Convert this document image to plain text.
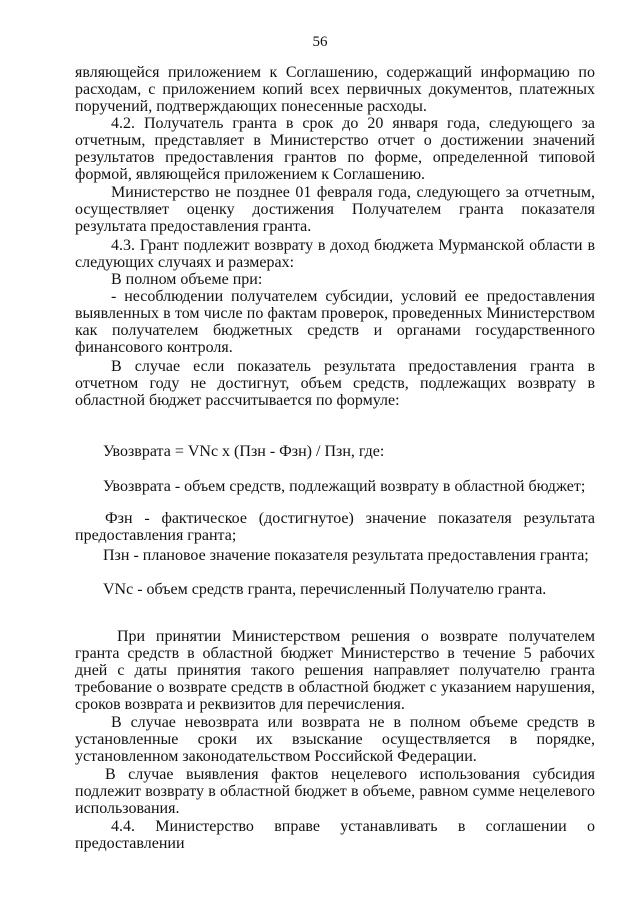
56

являющейся приложением к Соглашению, содержащий информацию по расходам, с приложением копий всех первичных документов, платежных поручений, подтверждающих понесенные расходы.

4.2. Получатель гранта в срок до 20 января года, следующего за отчетным, представляет в Министерство отчет о достижении значений результатов предоставления грантов по форме, определенной типовой формой, являющейся приложением к Соглашению.

Министерство не позднее 01 февраля года, следующего за отчетным, осуществляет оценку достижения Получателем гранта показателя результата предоставления гранта.

4.3. Грант подлежит возврату в доход бюджета Мурманской области в следующих случаях и размерах:

В полном объеме при:

- несоблюдении получателем субсидии, условий ее предоставления выявленных в том числе по фактам проверок, проведенных Министерством как получателем бюджетных средств и органами государственного финансового контроля.

В случае если показатель результата предоставления гранта в отчетном году не достигнут, объем средств, подлежащих возврату в областной бюджет рассчитывается по формуле:

Увозврата = VNс х (Пзн - Фзн) / Пзн, где:

Увозврата - объем средств, подлежащий возврату в областной бюджет;

Фзн - фактическое (достигнутое) значение показателя результата предоставления гранта;

Пзн - плановое значение показателя результата предоставления гранта;

VNс - объем средств гранта, перечисленный Получателю гранта.

При принятии Министерством решения о возврате получателем гранта средств в областной бюджет Министерство в течение 5 рабочих дней с даты принятия такого решения направляет получателю гранта требование о возврате средств в областной бюджет с указанием нарушения, сроков возврата и реквизитов для перечисления.

В случае невозврата или возврата не в полном объеме средств в установленные сроки их взыскание осуществляется в порядке, установленном законодательством Российской Федерации.

В случае выявления фактов нецелевого использования субсидия подлежит возврату в областной бюджет в объеме, равном сумме нецелевого использования.

4.4. Министерство вправе устанавливать в соглашении о предоставлении
